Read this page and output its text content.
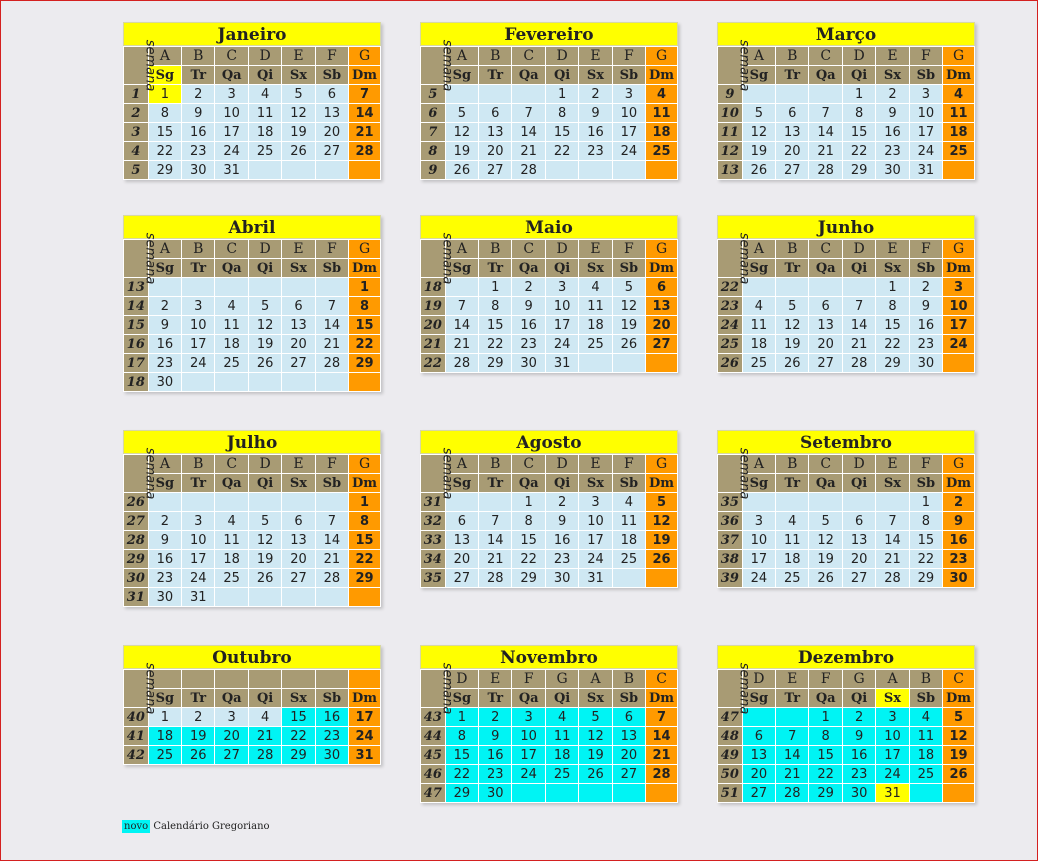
Janeiro
semana	A	B	C	D	E	F	G
	Sg	Tr	Qa	Qi	Sx	Sb	Dm
1	1	2	3	4	5	6	7
2	8	9	10	11	12	13	14
3	15	16	17	18	19	20	21
4	22	23	24	25	26	27	28
5	29	30	31				
Fevereiro
semana	A	B	C	D	E	F	G
	Sg	Tr	Qa	Qi	Sx	Sb	Dm
5				1	2	3	4
6	5	6	7	8	9	10	11
7	12	13	14	15	16	17	18
8	19	20	21	22	23	24	25
9	26	27	28				
Março
semana	A	B	C	D	E	F	G
	Sg	Tr	Qa	Qi	Sx	Sb	Dm
9				1	2	3	4
10	5	6	7	8	9	10	11
11	12	13	14	15	16	17	18
12	19	20	21	22	23	24	25
13	26	27	28	29	30	31	
Abril
semana	A	B	C	D	E	F	G
	Sg	Tr	Qa	Qi	Sx	Sb	Dm
13							1
14	2	3	4	5	6	7	8
15	9	10	11	12	13	14	15
16	16	17	18	19	20	21	22
17	23	24	25	26	27	28	29
18	30						
Maio
semana	A	B	C	D	E	F	G
	Sg	Tr	Qa	Qi	Sx	Sb	Dm
18		1	2	3	4	5	6
19	7	8	9	10	11	12	13
20	14	15	16	17	18	19	20
21	21	22	23	24	25	26	27
22	28	29	30	31			
Junho
semana	A	B	C	D	E	F	G
	Sg	Tr	Qa	Qi	Sx	Sb	Dm
22					1	2	3
23	4	5	6	7	8	9	10
24	11	12	13	14	15	16	17
25	18	19	20	21	22	23	24
26	25	26	27	28	29	30	
Julho
semana	A	B	C	D	E	F	G
	Sg	Tr	Qa	Qi	Sx	Sb	Dm
26							1
27	2	3	4	5	6	7	8
28	9	10	11	12	13	14	15
29	16	17	18	19	20	21	22
30	23	24	25	26	27	28	29
31	30	31					
Agosto
semana	A	B	C	D	E	F	G
	Sg	Tr	Qa	Qi	Sx	Sb	Dm
31			1	2	3	4	5
32	6	7	8	9	10	11	12
33	13	14	15	16	17	18	19
34	20	21	22	23	24	25	26
35	27	28	29	30	31		
Setembro
semana	A	B	C	D	E	F	G
	Sg	Tr	Qa	Qi	Sx	Sb	Dm
35						1	2
36	3	4	5	6	7	8	9
37	10	11	12	13	14	15	16
38	17	18	19	20	21	22	23
39	24	25	26	27	28	29	30
Outubro
semana							
	Sg	Tr	Qa	Qi	Sx	Sb	Dm
40	1	2	3	4	15	16	17
41	18	19	20	21	22	23	24
42	25	26	27	28	29	30	31
Novembro
semana	D	E	F	G	A	B	C
	Sg	Tr	Qa	Qi	Sx	Sb	Dm
43	1	2	3	4	5	6	7
44	8	9	10	11	12	13	14
45	15	16	17	18	19	20	21
46	22	23	24	25	26	27	28
47	29	30					
Dezembro
semana	D	E	F	G	A	B	C
	Sg	Tr	Qa	Qi	Sx	Sb	Dm
47			1	2	3	4	5
48	6	7	8	9	10	11	12
49	13	14	15	16	17	18	19
50	20	21	22	23	24	25	26
51	27	28	29	30	31		
novo Calendário Gregoriano
